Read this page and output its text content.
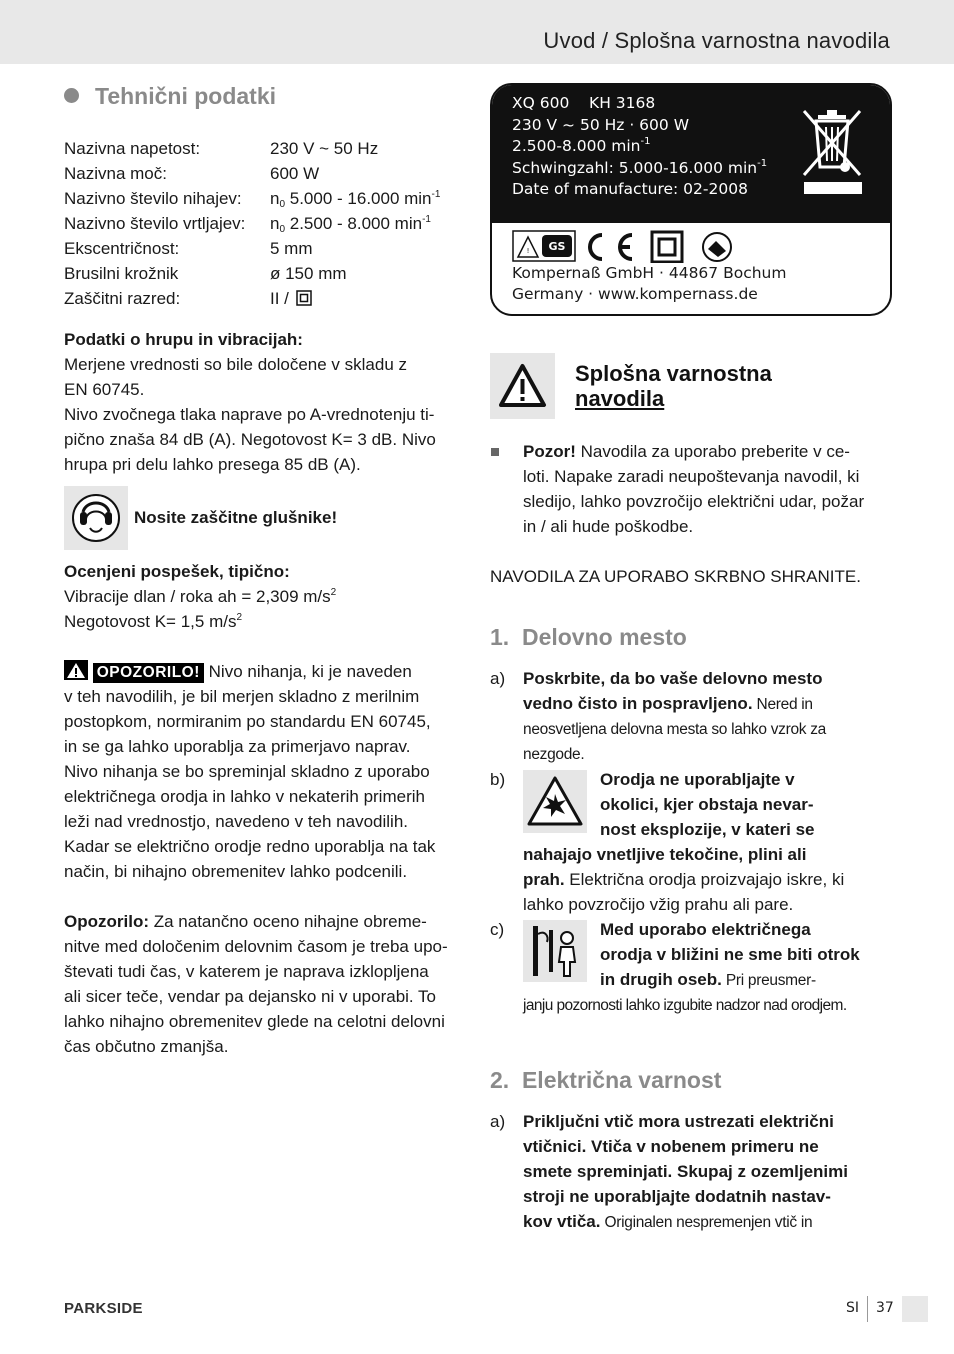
Uvod / Splošna varnostna navodila
Tehnični podatki
Nazivna napetost:	230 V ~ 50 Hz
Nazivna moč:	600 W
Nazivno število nihajev: $n_0$ 5.000 - 16.000 $\min^{-1}$
Nazivno število vrtljajev: $n_0$ 2.500 - 8.000 $\min^{-1}$
Ekscentričnost:	5 mm
Brusilni krožnik	ø 150 mm
Zaščitni razred:	II /

Podatki o hrupu in vibracijah:

Merjene vrednosti so bile določene v skladu z

EN 60745.

Nivo zvočnega tlaka naprave po A-vrednotenju ti-

pično znaša 84 dB (A). Negotovost K= 3 dB. Nivo

hrupa pri delu lahko presega 85 dB (A).

Nosite zaščitne glušnike!

Ocenjeni pospešek, tipično:

Vibracije dlan / roka ah = 2,309 $m/s^2$

Negotovost K= 1,5 $m/s^2$

OPOZORILO! Nivo nihanja, ki je naveden

v teh navodilih, je bil merjen skladno z merilnim

postopkom, normiranim po standardu EN 60745,

in se ga lahko uporablja za primerjavo naprav.

Nivo nihanja se bo spreminjal skladno z uporabo

električnega orodja in lahko v nekaterih primerih

leži nad vrednostjo, navedeno v teh navodilih.

Kadar se električno orodje redno uporablja na tak

način, bi nihajno obremenitev lahko podcenili.

Opozorilo: Za natančno oceno nihajne obreme-

nitve med določenim delovnim časom je treba upo-

števati tudi čas, v katerem je naprava izklopljena

ali sicer teče, vendar pa dejansko ni v uporabi. To

lahko nihajno obremenitev glede na celotni delovni

čas občutno zmanjša.

XQ 600    KH 3168
230 V ~ 50 Hz · 600 W
2.500-8.000 $\min^{-1}$
Schwingzahl: 5.000-16.000 $\min^{-1}$
Date of manufacture: 02-2008
! GS
Kompernaß GmbH · 44867 Bochum
Germany · www.kompernass.de
Splošna varnostna
navodila

Pozor! Navodila za uporabo preberite v ce-

loti. Napake zaradi neupoštevanja navodil, ki

sledijo, lahko povzročijo električni udar, požar

in / ali hude poškodbe.

NAVODILA ZA UPORABO SKRBNO SHRANITE.

1. Delovno mesto
a) Poskrbite, da bo vaše delovno mesto

vedno čisto in pospravljeno. Nered in

neosvetljena delovna mesta so lahko vzrok za

nezgode.

b)	Orodja ne uporabljajte v

okolici, kjer obstaja nevar-

nost eksplozije, v kateri se

nahajajo vnetljive tekočine, plini ali

prah. Električna orodja proizvajajo iskre, ki

lahko povzročijo vžig prahu ali pare.

c)	Med uporabo električnega

orodja v bližini ne sme biti otrok

in drugih oseb. Pri preusmer-

janju pozornosti lahko izgubite nadzor nad orodjem.

2. Električna varnost
a) Priključni vtič mora ustrezati električni

vtičnici. Vtiča v nobenem primeru ne

smete spreminjati. Skupaj z ozemljenimi

stroji ne uporabljajte dodatnih nastav-

kov vtiča. Originalen nespremenjen vtič in

PARKSIDE	SI 37
